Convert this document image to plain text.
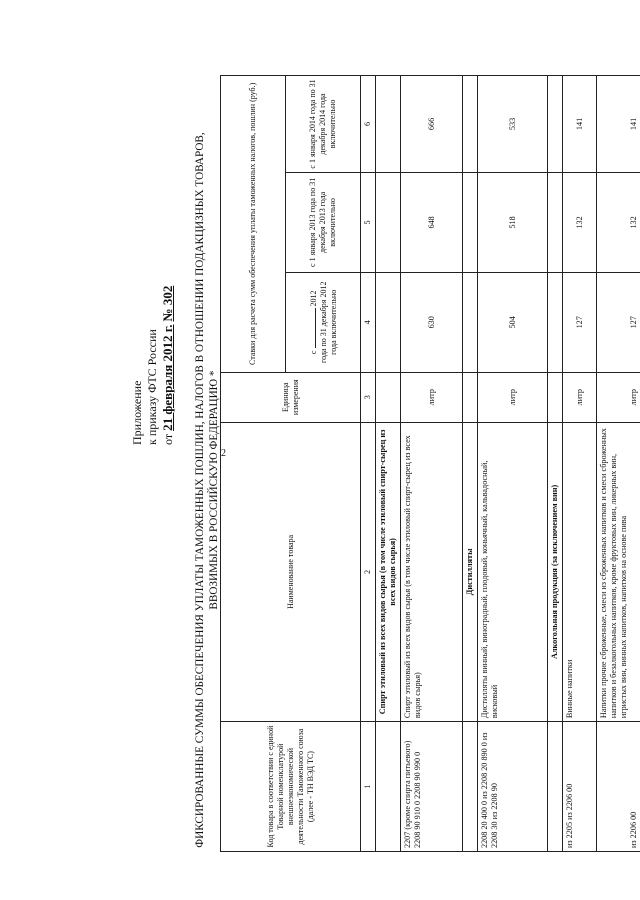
2
Приложение к приказу ФТС России от 21 февраля 2012 г. № 302 ФИКСИРОВАННЫЕ СУММЫ ОБЕСПЕЧЕНИЯ УПЛАТЫ ТАМОЖЕННЫХ ПОШЛИН, НАЛОГОВ В ОТНОШЕНИИ ПОДАКЦИЗНЫХ ТОВАРОВ, ВВОЗИМЫХ В РОССИЙСКУЮ ФЕДЕРАЦИЮ *
Код товара в соответствии с единой Товарной номенклатурой внешнеэкономической деятельности Таможенного союза (далее - ТН ВЭД ТС)	Наименование товара	Единица измерения	Ставки для расчета сумм обеспечения уплаты таможенных налогов, пошлин (руб.)		
			с  2012 года по 31 декабря 2012 года включительно	с 1 января 2013 года по 31 декабря 2013 года включительно	с 1 января 2014 года по 31 декабря 2014 года включительно
1	2	3	4	5	6
	Спирт этиловый из всех видов сырья (в том числе этиловый спирт-сырец из всех видов сырья)				
2207 (кроме спирта питьевого) 2208 90 910 0 2208 90 990 0	Спирт этиловый из всех видов сырья (в том числе этиловый спирт-сырец из всех видов сырья)	литр	630	648	666
	Дистилляты				
2208 20 400 0 из 2208 20 890 0 из 2208 30 из 2208 90	Дистилляты винный, виноградный, плодовый, коньячный, кальвадосный, висковый	литр	504	518	533
	Алкогольная продукция (за исключением вин)				
из 2205 из 2206 00	Винные напитки	литр	127	132	141
из 2206 00	Напитки прочие сброженные, смеси из сброженных напитков и смеси сброженных напитков и безалкогольных напитков, кроме фруктовых вин, ликерных вин, игристых вин, винных напитков, напитков на основе пива	литр	127	132	141
